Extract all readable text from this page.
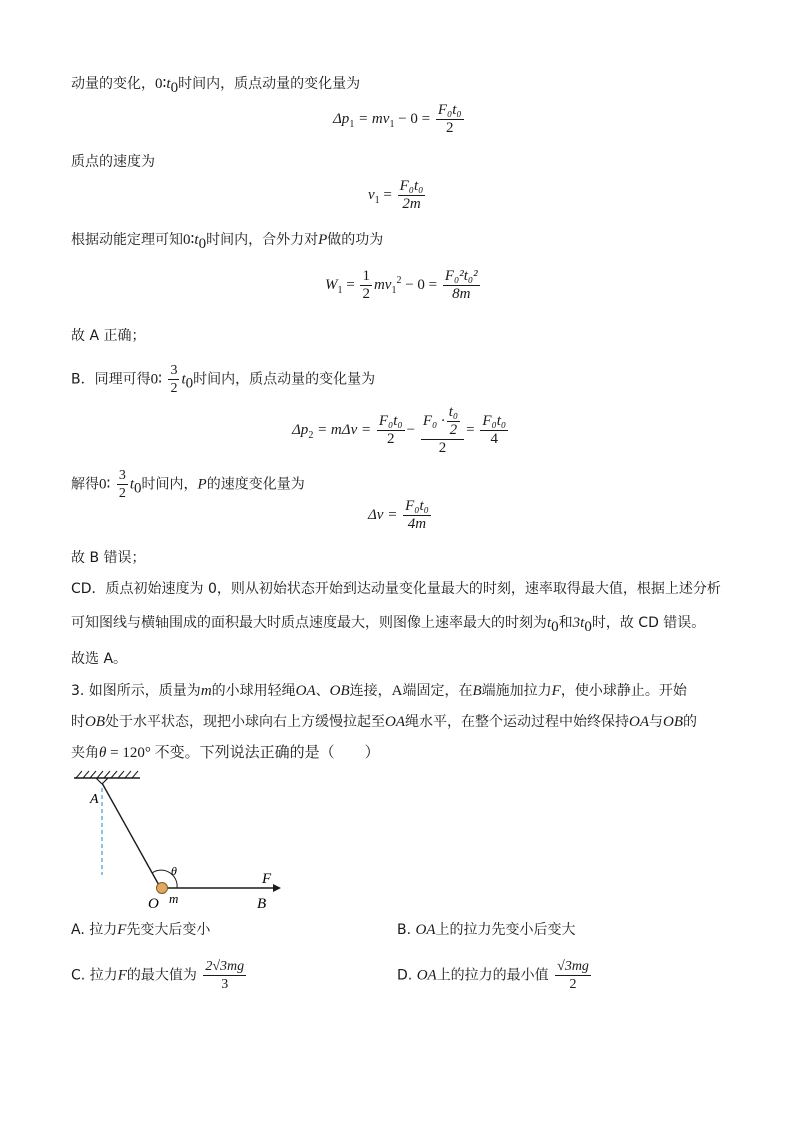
动量的变化，$0∶t_0$时间内，质点动量的变化量为
$\Delta p_1 = mv_1 - 0 = \frac{\text{F₀t₀}}{2}$
质点的速度为
$v_1 = \frac{\text{F₀t₀}}{2m}$
根据动能定理可知$0∶t_0$时间内，合外力对P做的功为
$W_1 = \frac{1}{2} mv_1^2 - 0 = \frac{\text{F₀²t₀²}}{8m}$
故 A 正确；
B．同理可得0∶ $\frac{3}{2} t_0$时间内，质点动量的变化量为
$\Delta p_2 = m\Delta v = \frac{\text{F₀t₀}}{2} - \frac{F_0 \cdot \frac{\text{t₀}}{2}}{2} = \frac{\text{F₀t₀}}{4}$
解得0∶ $\frac{3}{2} t_0$时间内，P的速度变化量为
$\Delta v = \frac{\text{F₀t₀}}{4m}$
故 B 错误；
CD．质点初始速度为 0，则从初始状态开始到达动量变化量最大的时刻，速率取得最大值，根据上述分析
可知图线与横轴围成的面积最大时质点速度最大，则图像上速率最大的时刻为$t_0$和$3t_0$时，故 CD 错误。
故选 A。
3. 如图所示，质量为m的小球用轻绳OA、OB连接，A端固定，在B端施加拉力F，使小球静止。开始
时OB处于水平状态，现把小球向右上方缓慢拉起至OA绳水平，在整个运动过程中始终保持OA与OB的
夹角θ = 120° 不变。下列说法正确的是（　　）
A
θ
O m
F
B
A. 拉力F先变大后变小	B. OA上的拉力先变小后变大
C. 拉力F的最大值为 $\frac{2√3mg}{3}$	D. OA上的拉力的最小值 $\frac{√3mg}{2}$
